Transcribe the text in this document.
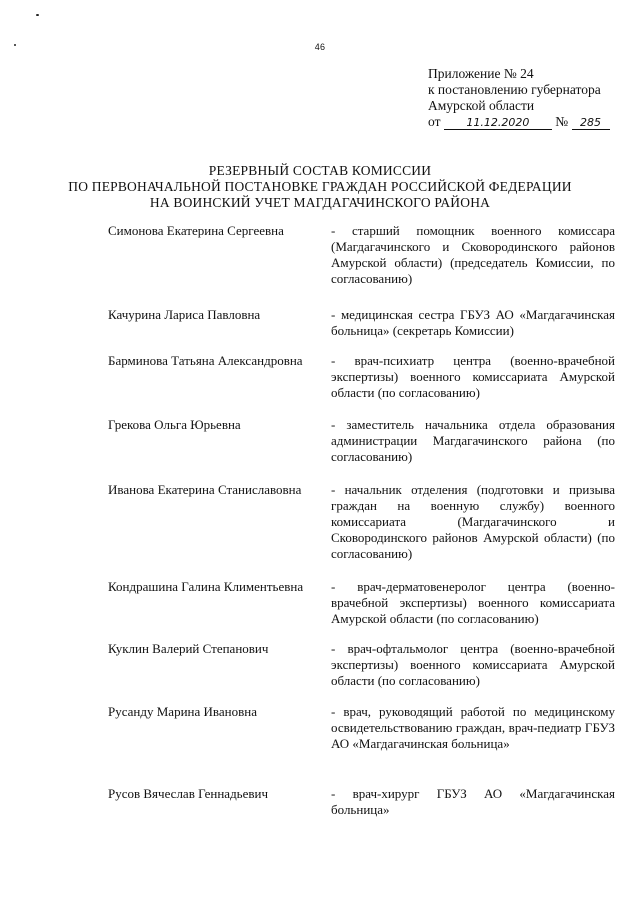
46
Приложение № 24
к постановлению губернатора
Амурской области
от 11.12.2020 № 285
РЕЗЕРВНЫЙ СОСТАВ КОМИССИИ
ПО ПЕРВОНАЧАЛЬНОЙ ПОСТАНОВКЕ ГРАЖДАН РОССИЙСКОЙ ФЕДЕРАЦИИ
НА ВОИНСКИЙ УЧЕТ МАГДАГАЧИНСКОГО РАЙОНА
Симонова Екатерина Сергеевна	- старший помощник военного комиссара (Магдагачинского и Сковородинского районов Амурской области) (председатель Комиссии, по согласованию)
Качурина Лариса Павловна	- медицинская сестра ГБУЗ АО «Магдагачинская больница» (секретарь Комиссии)
Барминова Татьяна Александровна	- врач-психиатр центра (военно-врачебной экспертизы) военного комиссариата Амурской области (по согласованию)
Грекова Ольга Юрьевна	- заместитель начальника отдела образования администрации Магдагачинского района (по согласованию)
Иванова Екатерина Станиславовна	- начальник отделения (подготовки и призыва граждан на военную службу) военного комиссариата (Магдагачинского и Сковородинского районов Амурской области) (по согласованию)
Кондрашина Галина Климентьевна	- врач-дерматовенеролог центра (военно-врачебной экспертизы) военного комиссариата Амурской области (по согласованию)
Куклин Валерий Степанович	- врач-офтальмолог центра (военно-врачебной экспертизы) военного комиссариата Амурской области (по согласованию)
Русанду Марина Ивановна	- врач, руководящий работой по медицинскому освидетельствованию граждан, врач-педиатр ГБУЗ АО «Магдагачинская больница»
Русов Вячеслав Геннадьевич	- врач-хирург ГБУЗ АО «Магдагачинская больница»
